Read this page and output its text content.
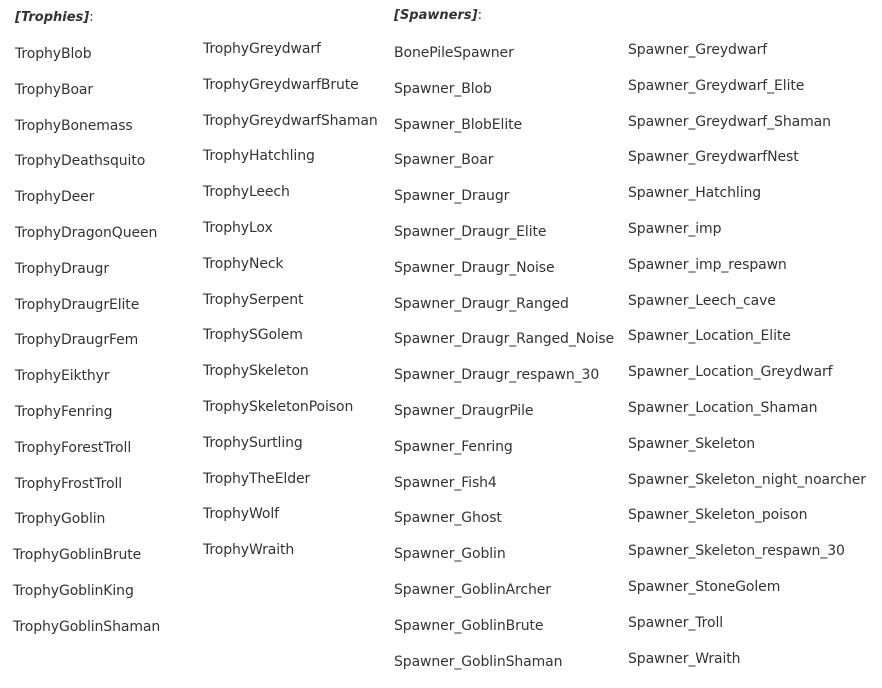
[Trophies]:	[Spawners]:
TrophyBlob
TrophyBoar
TrophyBonemass
TrophyDeathsquito
TrophyDeer
TrophyDragonQueen
TrophyDraugr
TrophyDraugrElite
TrophyDraugrFem
TrophyEikthyr
TrophyFenring
TrophyForestTroll
TrophyFrostTroll
TrophyGoblin
TrophyGoblinBrute
TrophyGoblinKing
TrophyGoblinShaman
TrophyGreydwarf
TrophyGreydwarfBrute
TrophyGreydwarfShaman
TrophyHatchling
TrophyLeech
TrophyLox
TrophyNeck
TrophySerpent
TrophySGolem
TrophySkeleton
TrophySkeletonPoison
TrophySurtling
TrophyTheElder
TrophyWolf
TrophyWraith
BonePileSpawner
Spawner_Blob
Spawner_BlobElite
Spawner_Boar
Spawner_Draugr
Spawner_Draugr_Elite
Spawner_Draugr_Noise
Spawner_Draugr_Ranged
Spawner_Draugr_Ranged_Noise
Spawner_Draugr_respawn_30
Spawner_DraugrPile
Spawner_Fenring
Spawner_Fish4
Spawner_Ghost
Spawner_Goblin
Spawner_GoblinArcher
Spawner_GoblinBrute
Spawner_GoblinShaman
Spawner_Greydwarf
Spawner_Greydwarf_Elite
Spawner_Greydwarf_Shaman
Spawner_GreydwarfNest
Spawner_Hatchling
Spawner_imp
Spawner_imp_respawn
Spawner_Leech_cave
Spawner_Location_Elite
Spawner_Location_Greydwarf
Spawner_Location_Shaman
Spawner_Skeleton
Spawner_Skeleton_night_noarcher
Spawner_Skeleton_poison
Spawner_Skeleton_respawn_30
Spawner_StoneGolem
Spawner_Troll
Spawner_Wraith
